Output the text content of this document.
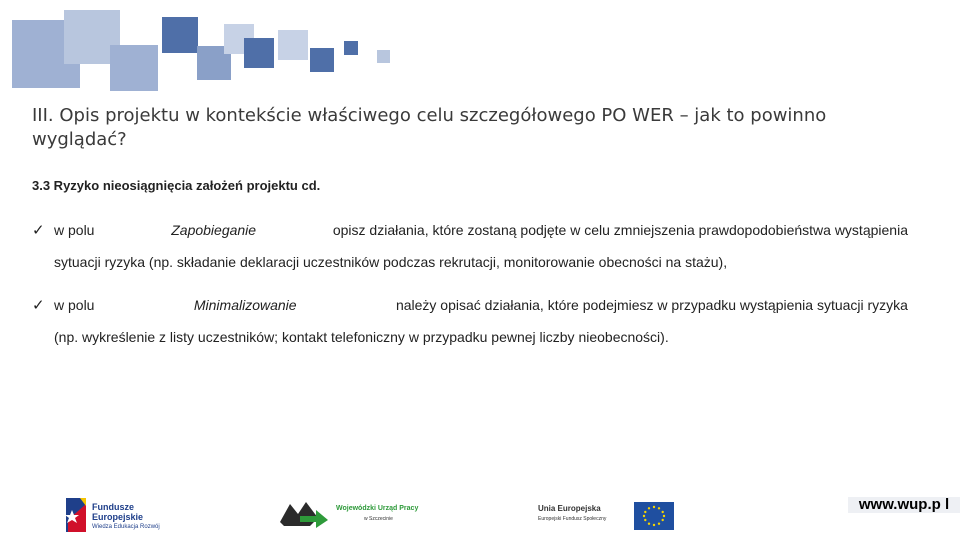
III. Opis projektu w kontekście właściwego celu szczegółowego PO WER – jak to powinno
wyglądać?
3.3 Ryzyko nieosiągnięcia założeń projektu cd.
✓ w polu	Zapobieganie	opisz działania, które zostaną podjęte w celu zmniejszenia prawdopodobieństwa wystąpienia
sytuacji ryzyka (np. składanie deklaracji uczestników podczas rekrutacji, monitorowanie obecności na stażu),
✓ w polu	Minimalizowanie	należy opisać działania, które podejmiesz w przypadku wystąpienia sytuacji ryzyka
(np. wykreślenie z listy uczestników; kontakt telefoniczny w przypadku pewnej liczby nieobecności).
Fundusze
Europejskie
Wiedza Edukacja Rozwój
Wojewódzki Urząd Pracy
w Szczecinie
Unia Europejska
Europejski Fundusz Społeczny
www.wup.p l
